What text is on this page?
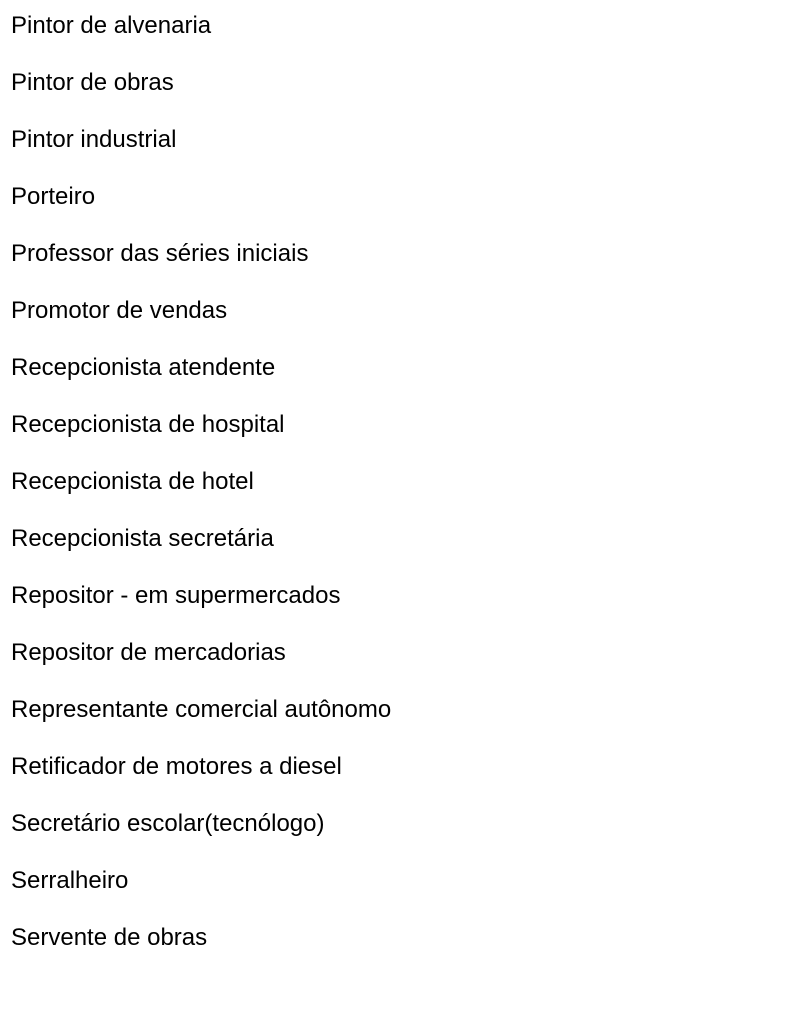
Pintor de alvenaria
Pintor de obras
Pintor industrial
Porteiro
Professor das séries iniciais
Promotor de vendas
Recepcionista atendente
Recepcionista de hospital
Recepcionista de hotel
Recepcionista secretária
Repositor - em supermercados
Repositor de mercadorias
Representante comercial autônomo
Retificador de motores a diesel
Secretário escolar(tecnólogo)
Serralheiro
Servente de obras
